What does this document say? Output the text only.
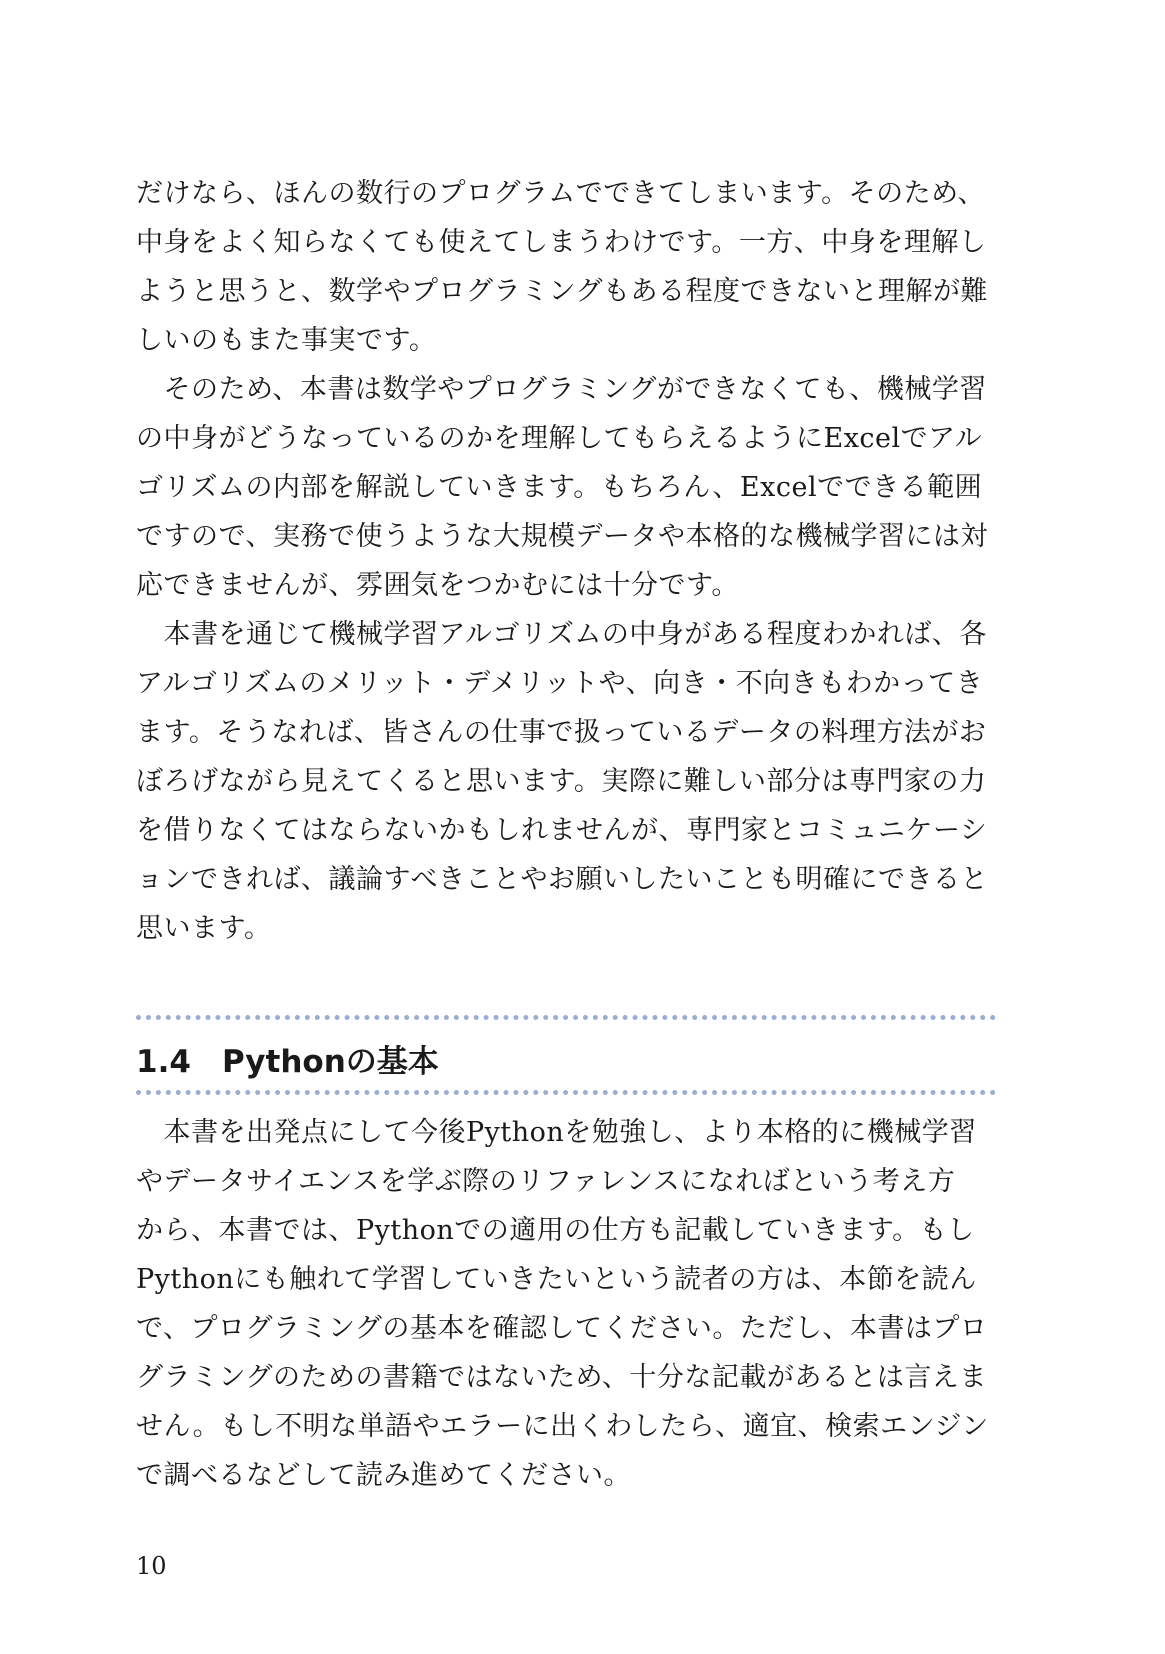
だけなら、ほんの数行のプログラムでできてしまいます。そのため、
中身をよく知らなくても使えてしまうわけです。一方、中身を理解し
ようと思うと、数学やプログラミングもある程度できないと理解が難
しいのもまた事実です。
　そのため、本書は数学やプログラミングができなくても、機械学習
の中身がどうなっているのかを理解してもらえるようにExcelでアル
ゴリズムの内部を解説していきます。もちろん、Excelでできる範囲
ですので、実務で使うような大規模データや本格的な機械学習には対
応できませんが、雰囲気をつかむには十分です。
　本書を通じて機械学習アルゴリズムの中身がある程度わかれば、各
アルゴリズムのメリット・デメリットや、向き・不向きもわかってき
ます。そうなれば、皆さんの仕事で扱っているデータの料理方法がお
ぼろげながら見えてくると思います。実際に難しい部分は専門家の力
を借りなくてはならないかもしれませんが、専門家とコミュニケーシ
ョンできれば、議論すべきことやお願いしたいことも明確にできると
思います。
1.4 Pythonの基本
　本書を出発点にして今後Pythonを勉強し、より本格的に機械学習
やデータサイエンスを学ぶ際のリファレンスになればという考え方
から、本書では、Pythonでの適用の仕方も記載していきます。もし
Pythonにも触れて学習していきたいという読者の方は、本節を読ん
で、プログラミングの基本を確認してください。ただし、本書はプロ
グラミングのための書籍ではないため、十分な記載があるとは言えま
せん。もし不明な単語やエラーに出くわしたら、適宜、検索エンジン
で調べるなどして読み進めてください。
10
